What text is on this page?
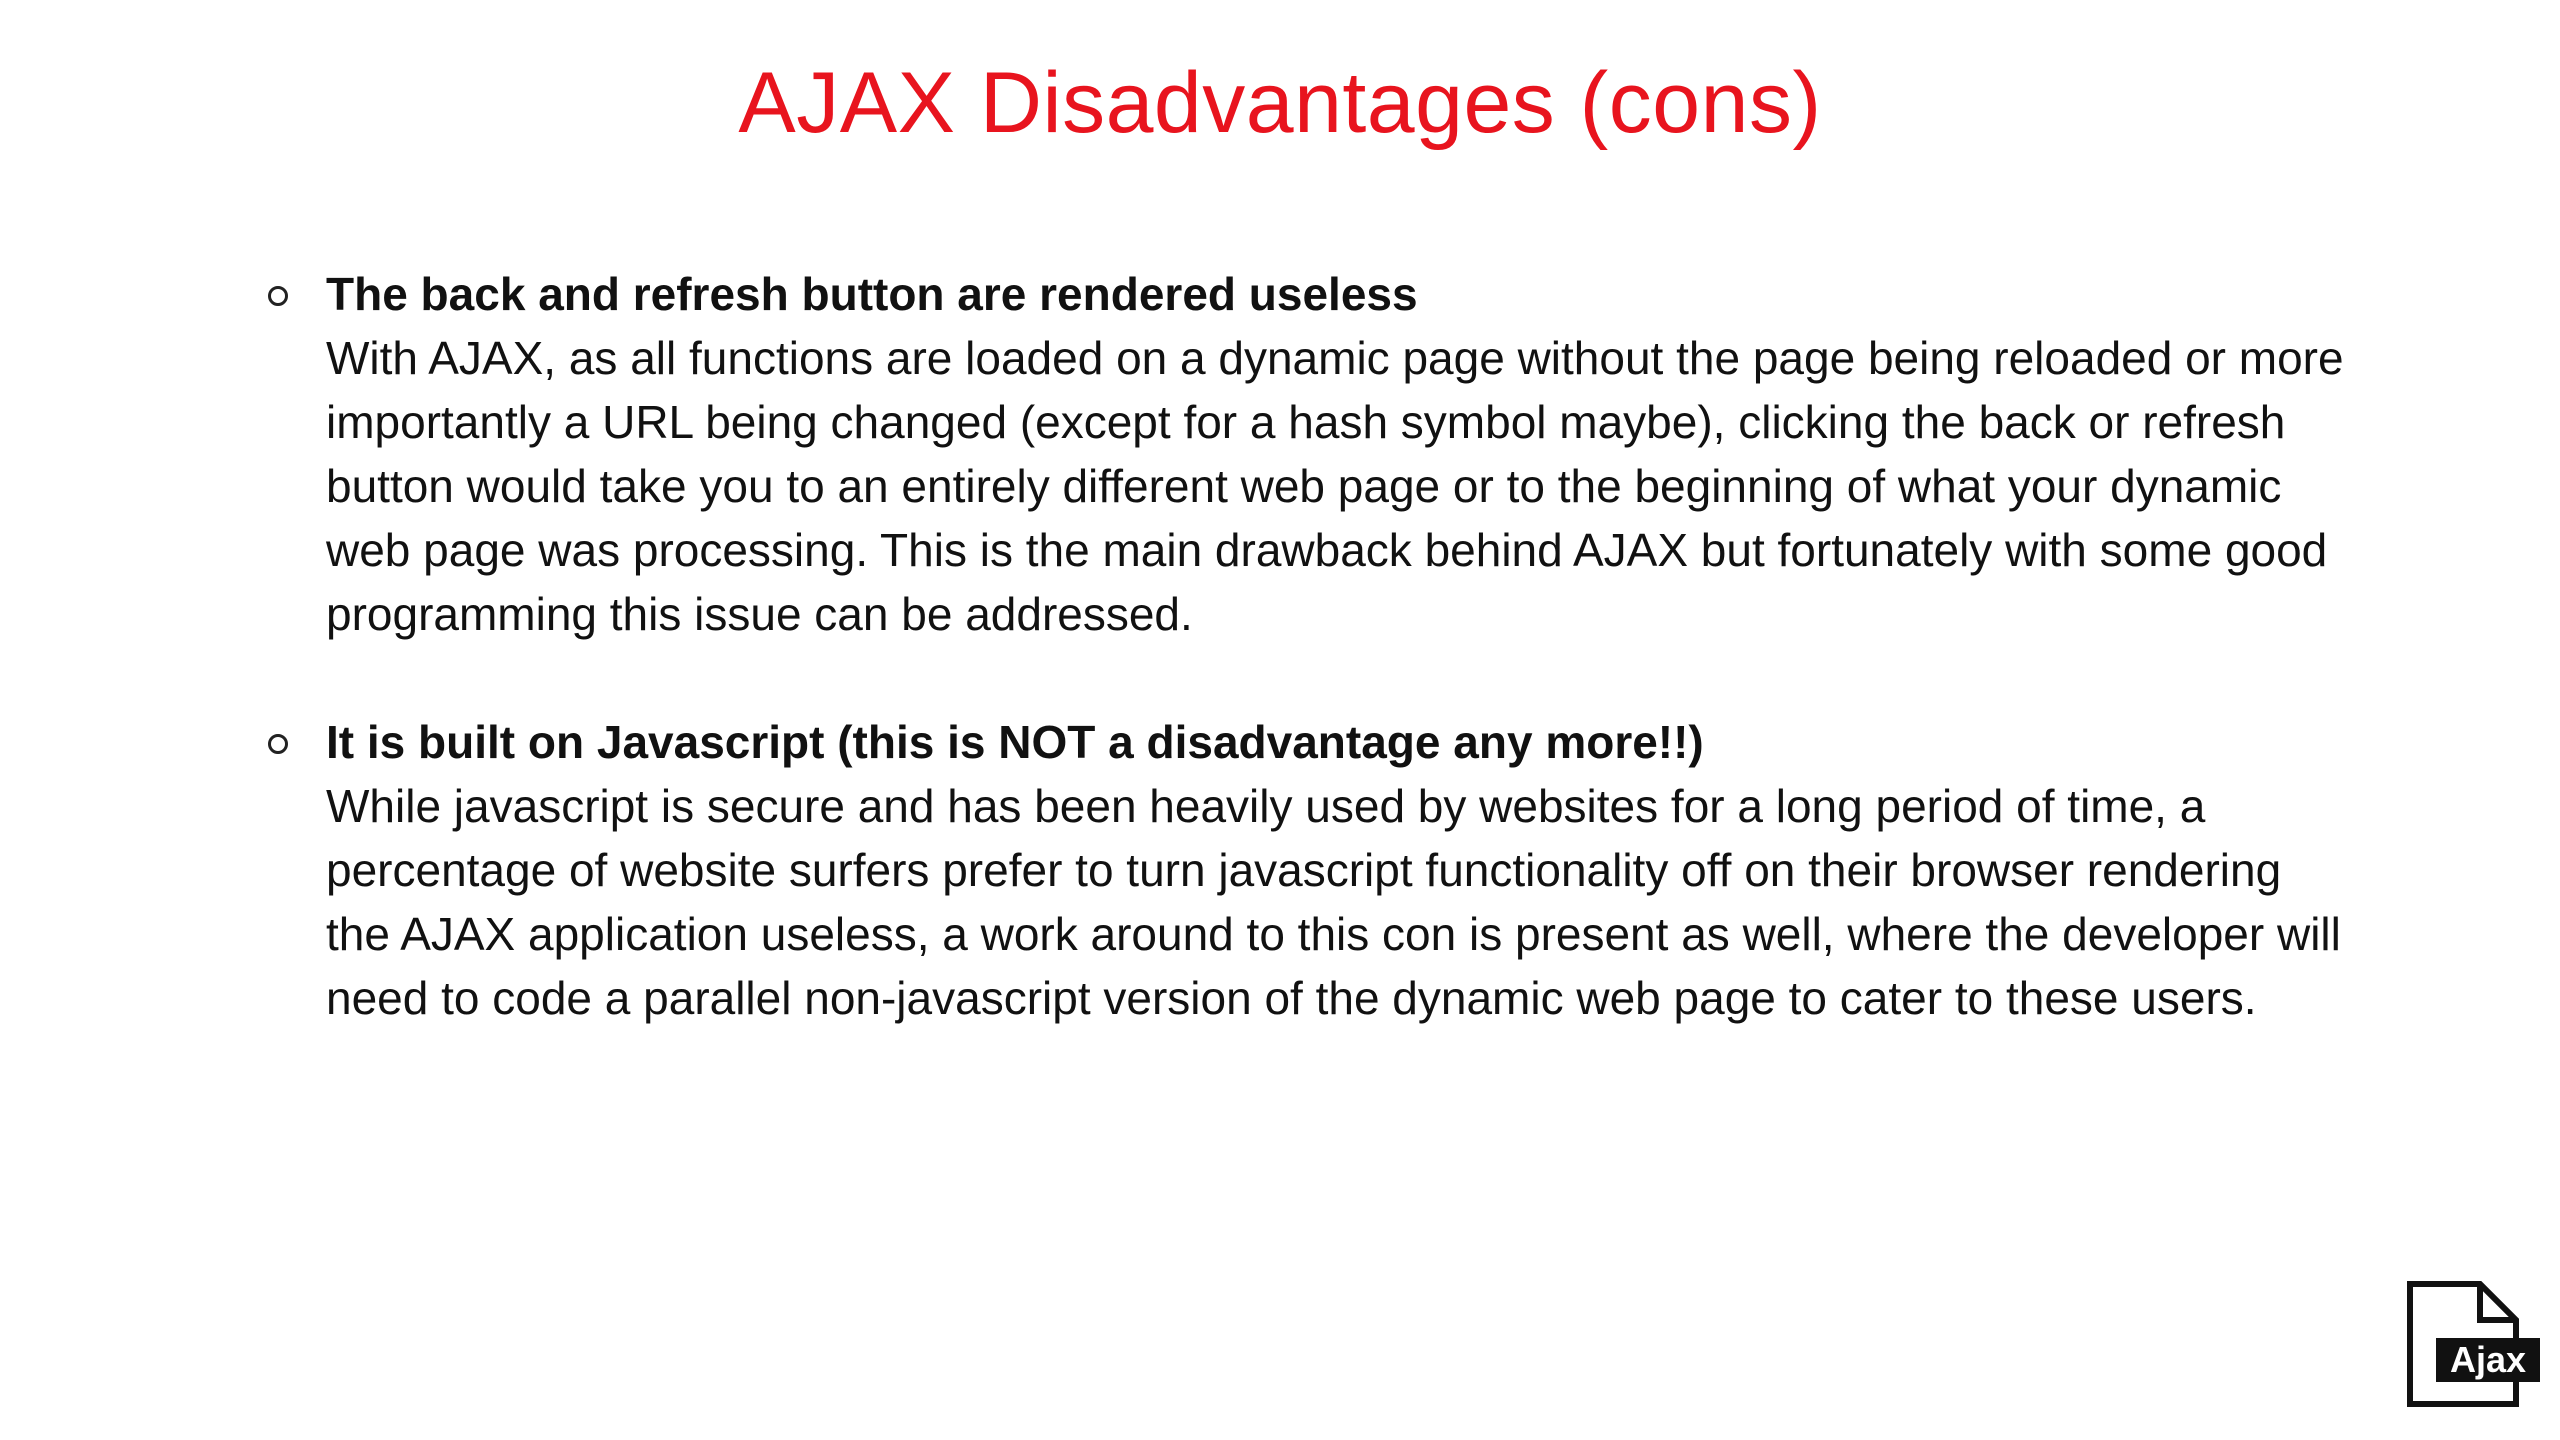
AJAX Disadvantages (cons)
The back and refresh button are rendered useless
With AJAX, as all functions are loaded on a dynamic page without the page being reloaded or more importantly a URL being changed (except for a hash symbol maybe), clicking the back or refresh button would take you to an entirely different web page or to the beginning of what your dynamic web page was processing. This is the main drawback behind AJAX but fortunately with some good programming this issue can be addressed.
It is built on Javascript (this is NOT a disadvantage any more!!)
While javascript is secure and has been heavily used by websites for a long period of time, a percentage of website surfers prefer to turn javascript functionality off on their browser rendering the AJAX application useless, a work around to this con is present as well, where the developer will need to code a parallel non-javascript version of the dynamic web page to cater to these users.
Ajax
